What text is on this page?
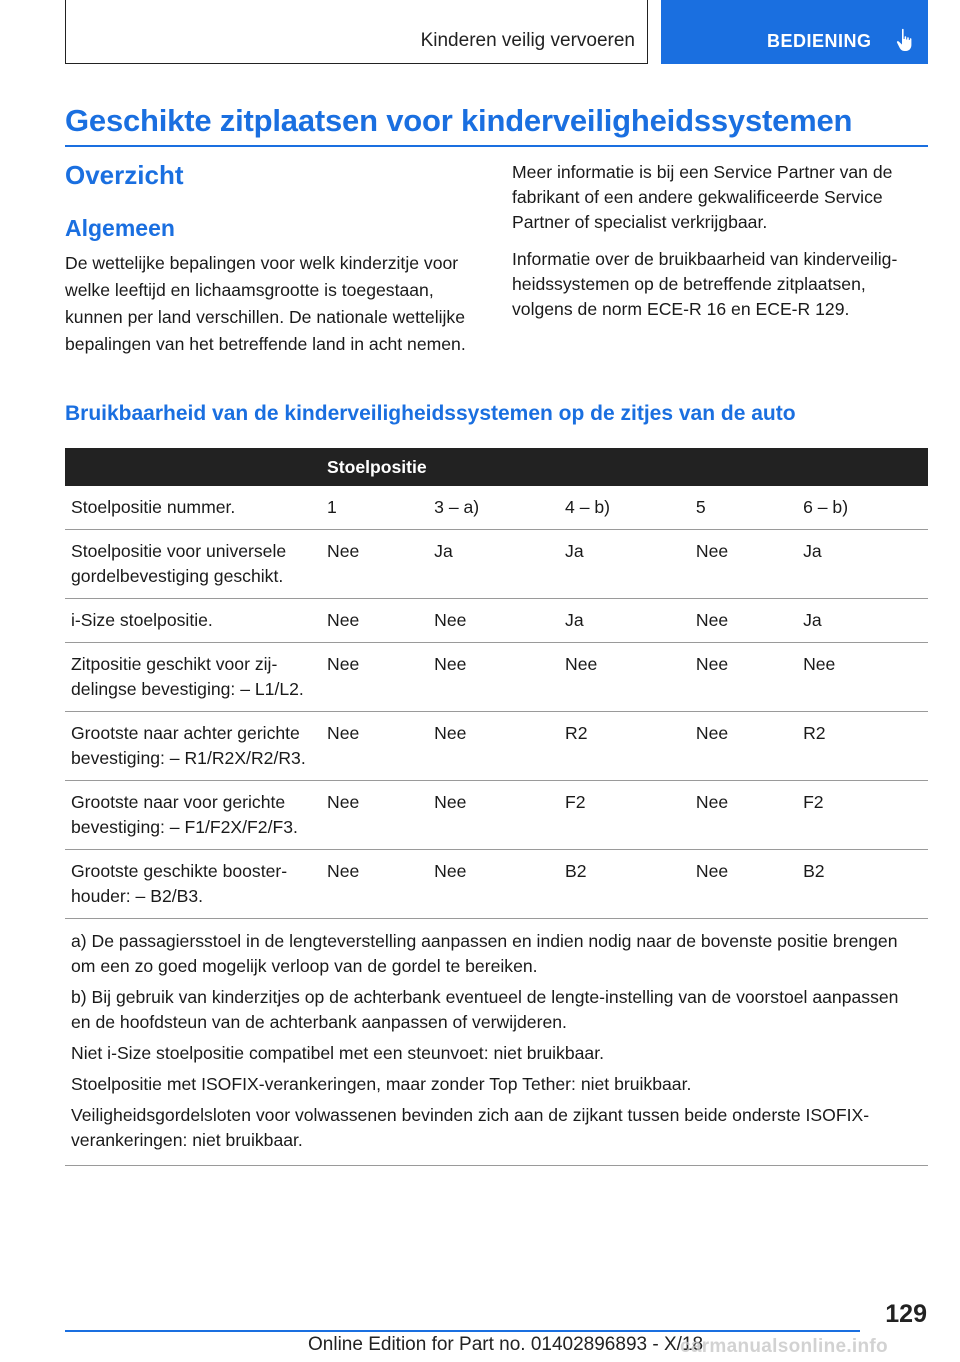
Kinderen veilig vervoeren	BEDIENING
Geschikte zitplaatsen voor kinderveiligheidssystemen
Overzicht
Algemeen
De wettelijke bepalingen voor welk kinderzitje voor welke leeftijd en lichaamsgrootte is toegestaan, kunnen per land verschillen. De nationale wettelijke bepalingen van het betreffende land in acht nemen.

Meer informatie is bij een Service Partner van de fabrikant of een andere gekwalificeerde Service Partner of specialist verkrijgbaar.

Informatie over de bruikbaarheid van kinderveiligheidssystemen op de betreffende zitplaatsen, volgens de norm ECE-R 16 en ECE-R 129.

Bruikbaarheid van de kinderveiligheidssystemen op de zitjes van de auto
	Stoelpositie				
Stoelpositie nummer.	1	3 – a)	4 – b)	5	6 – b)
Stoelpositie voor universele gordelbevestiging geschikt.	Nee	Ja	Ja	Nee	Ja
i-Size stoelpositie.	Nee	Nee	Ja	Nee	Ja
Zitpositie geschikt voor zijdelingse bevestiging: – L1/L2.	Nee	Nee	Nee	Nee	Nee
Grootste naar achter gerichte bevestiging: – R1/R2X/R2/R3.	Nee	Nee	R2	Nee	R2
Grootste naar voor gerichte bevestiging: – F1/F2X/F2/F3.	Nee	Nee	F2	Nee	F2
Grootste geschikte boosterhouder: – B2/B3.	Nee	Nee	B2	Nee	B2

a) De passagiersstoel in de lengteverstelling aanpassen en indien nodig naar de bovenste positie brengen om een zo goed mogelijk verloop van de gordel te bereiken.

b) Bij gebruik van kinderzitjes op de achterbank eventueel de lengte-instelling van de voorstoel aanpassen en de hoofdsteun van de achterbank aanpassen of verwijderen.

Niet i-Size stoelpositie compatibel met een steunvoet: niet bruikbaar.

Stoelpositie met ISOFIX-verankeringen, maar zonder Top Tether: niet bruikbaar.

Veiligheidsgordelsloten voor volwassenen bevinden zich aan de zijkant tussen beide onderste ISOFIX-verankeringen: niet bruikbaar.					

129
Online Edition for Part no. 01402896893 - X/18
carmanualsonline.info
